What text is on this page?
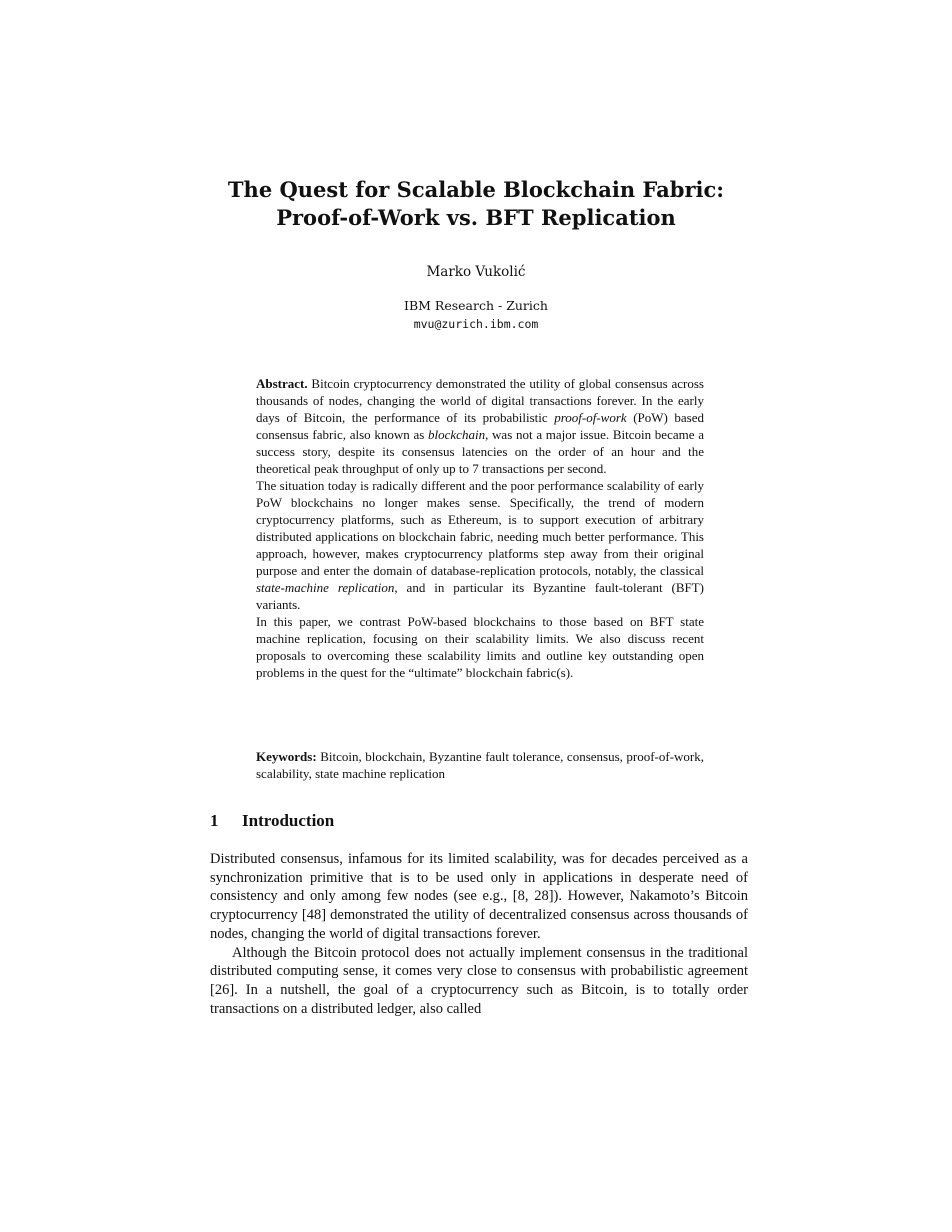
The Quest for Scalable Blockchain Fabric:
Proof-of-Work vs. BFT Replication
Marko Vukolić
IBM Research - Zurich
mvu@zurich.ibm.com

Abstract. Bitcoin cryptocurrency demonstrated the utility of global consensus across thousands of nodes, changing the world of digital transactions forever. In the early days of Bitcoin, the performance of its probabilistic proof-of-work (PoW) based consensus fabric, also known as blockchain, was not a major issue. Bitcoin became a success story, despite its consensus latencies on the order of an hour and the theoretical peak throughput of only up to 7 transactions per second.

The situation today is radically different and the poor performance scalability of early PoW blockchains no longer makes sense. Specifically, the trend of modern cryptocurrency platforms, such as Ethereum, is to support execution of arbitrary distributed applications on blockchain fabric, needing much better performance. This approach, however, makes cryptocurrency platforms step away from their original purpose and enter the domain of database-replication protocols, notably, the classical state-machine replication, and in particular its Byzantine fault-tolerant (BFT) variants.

In this paper, we contrast PoW-based blockchains to those based on BFT state machine replication, focusing on their scalability limits. We also discuss recent proposals to overcoming these scalability limits and outline key outstanding open problems in the quest for the “ultimate” blockchain fabric(s).

Keywords: Bitcoin, blockchain, Byzantine fault tolerance, consensus, proof-of-work, scalability, state machine replication

1 Introduction

Distributed consensus, infamous for its limited scalability, was for decades perceived as a synchronization primitive that is to be used only in applications in desperate need of consistency and only among few nodes (see e.g., [8, 28]). However, Nakamoto’s Bitcoin cryptocurrency [48] demonstrated the utility of decentralized consensus across thousands of nodes, changing the world of digital transactions forever.

Although the Bitcoin protocol does not actually implement consensus in the traditional distributed computing sense, it comes very close to consensus with probabilistic agreement [26]. In a nutshell, the goal of a cryptocurrency such as Bitcoin, is to totally order transactions on a distributed ledger, also called
